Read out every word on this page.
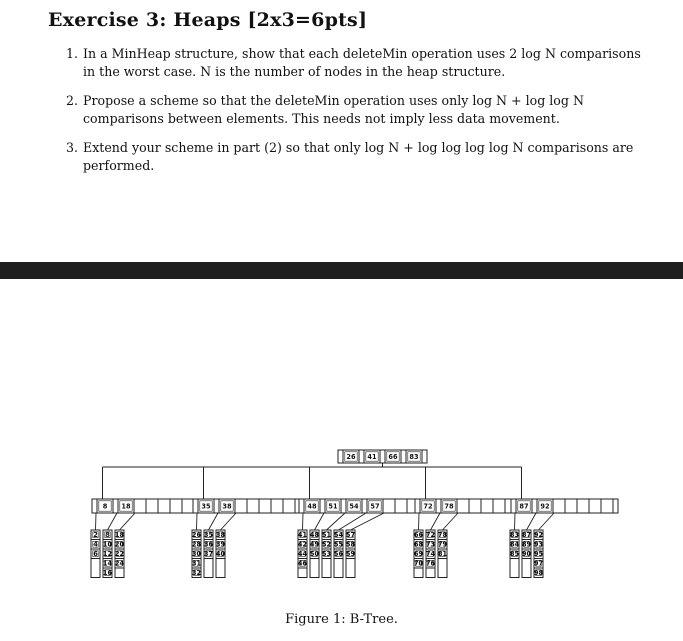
Exercise 3: Heaps [2x3=6pts]
1. In a MinHeap structure, show that each deleteMin operation uses 2 log N comparisons in the worst case. N is the number of nodes in the heap structure.
2. Propose a scheme so that the deleteMin operation uses only log N + log log N comparisons between elements. This needs not imply less data movement.
3. Extend your scheme in part (2) so that only log N + log log log log N comparisons are performed.
26 41 66 83
8 18
2
4
6
8
10
12
14
16
18
20
22
24
35 38
26
28
30
31
32
35
36
37
38
39
40
48 51 54 57
41
42
44
46
48
49
50
51
52
53
54
55
56
57
58
59
72 78
66
68
69
70
72
73
74
76
78
79
81
87 92
83
84
85
87
89
90
92
93
95
97
98
Figure 1: B-Tree.
